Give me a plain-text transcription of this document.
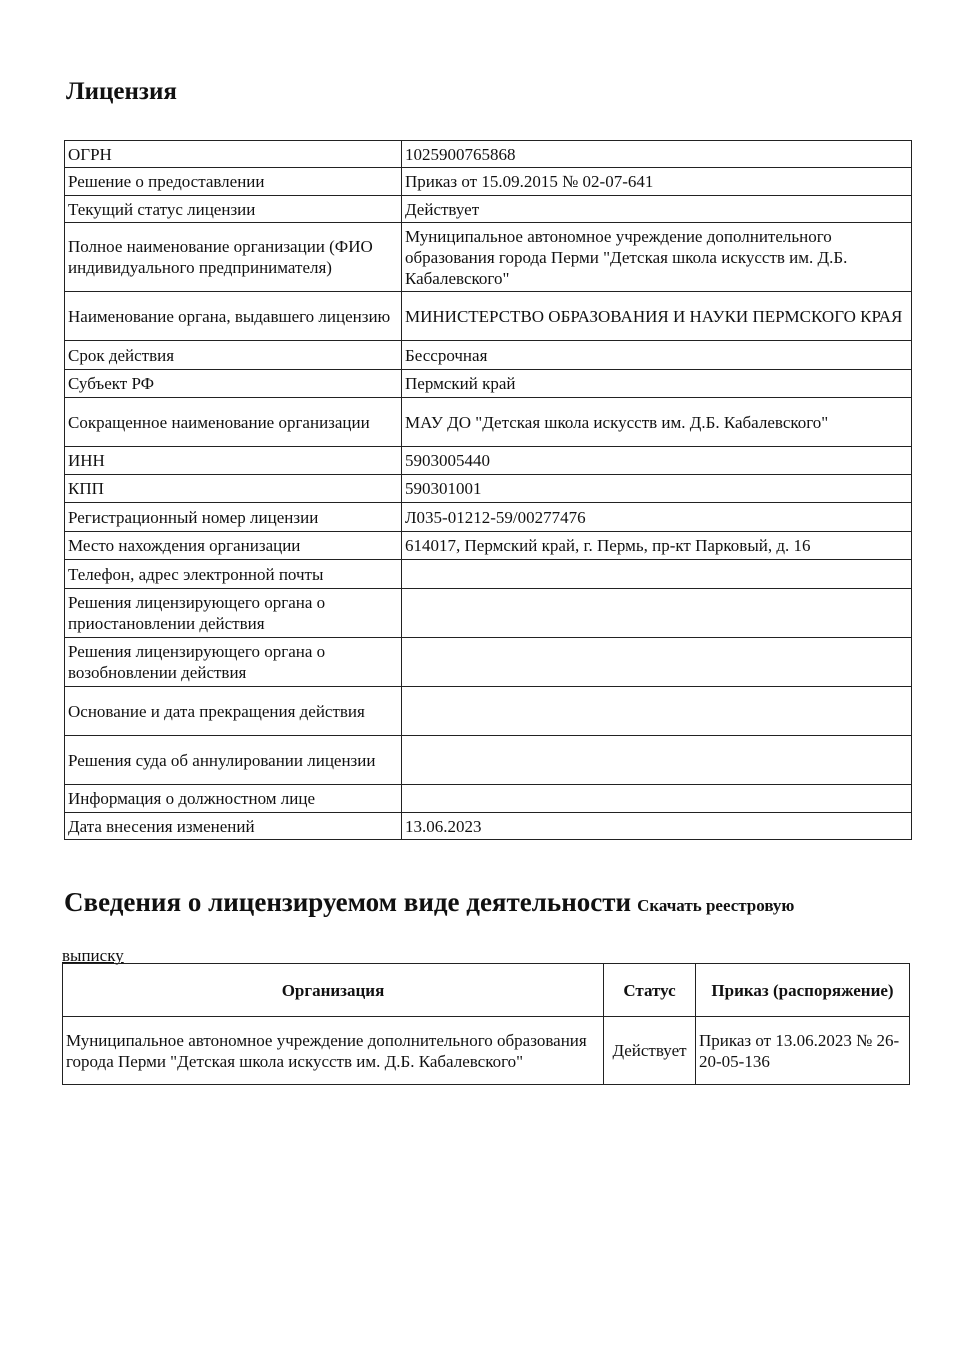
Лицензия
ОГРН	1025900765868
Решение о предоставлении	Приказ от 15.09.2015 № 02-07-641
Текущий статус лицензии	Действует
Полное наименование организации (ФИО индивидуального предпринимателя)	Муниципальное автономное учреждение дополнительного образования города Перми "Детская школа искусств им. Д.Б. Кабалевского"
Наименование органа, выдавшего лицензию	МИНИСТЕРСТВО ОБРАЗОВАНИЯ И НАУКИ ПЕРМСКОГО КРАЯ
Срок действия	Бессрочная
Субъект РФ	Пермский край
Сокращенное наименование организации	МАУ ДО "Детская школа искусств им. Д.Б. Кабалевского"
ИНН	5903005440
КПП	590301001
Регистрационный номер лицензии	Л035-01212-59/00277476
Место нахождения организации	614017, Пермский край, г. Пермь, пр-кт Парковый, д. 16
Телефон, адрес электронной почты	
Решения лицензирующего органа о приостановлении действия	
Решения лицензирующего органа о возобновлении действия	
Основание и дата прекращения действия	
Решения суда об аннулировании лицензии	
Информация о должностном лице	
Дата внесения изменений	13.06.2023
Сведения о лицензируемом виде деятельности Скачать реестровую
выписку
Организация	Статус	Приказ (распоряжение)
Муниципальное автономное учреждение дополнительного образования города Перми "Детская школа искусств им. Д.Б. Кабалевского"	Действует	Приказ от 13.06.2023 № 26-20-05-136
